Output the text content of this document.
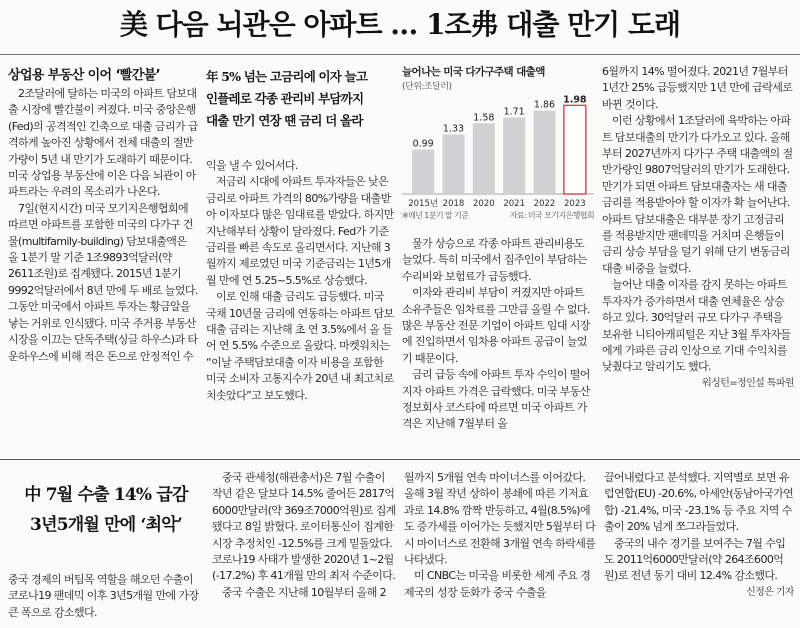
美 다음 뇌관은 아파트 … 1조弗 대출 만기 도래
상업용 부동산 이어 ‘빨간불’

2조달러에 달하는 미국의 아파트 담보대출 시장에 빨간불이 켜졌다. 미국 중앙은행(Fed)의 공격적인 긴축으로 대출 금리가 급격하게 높아진 상황에서 전체 대출의 절반가량이 5년 내 만기가 도래하기 때문이다. 미국 상업용 부동산에 이은 다음 뇌관이 아파트라는 우려의 목소리가 나온다.

7일(현지시간) 미국 모기지은행협회에 따르면 아파트를 포함한 미국의 다가구 건물(multifamily-building) 담보대출액은 올 1분기 말 기준 1조9893억달러(약 2611조원)로 집계됐다. 2015년 1분기 9992억달러에서 8년 만에 두 배로 늘었다. 그동안 미국에서 아파트 투자는 황금알을 낳는 거위로 인식됐다. 미국 주거용 부동산 시장을 이끄는 단독주택(싱글 하우스)과 타운하우스에 비해 적은 돈으로 안정적인 수

年 5% 넘는 고금리에 이자 늘고
인플레로 각종 관리비 부담까지
대출 만기 연장 땐 금리 더 올라

익을 낼 수 있어서다.

저금리 시대에 아파트 투자자들은 낮은 금리로 아파트 가격의 80%가량을 대출받아 이자보다 많은 임대료를 받았다. 하지만 지난해부터 상황이 달라졌다. Fed가 기준금리를 빠른 속도로 올리면서다. 지난해 3월까지 제로였던 미국 기준금리는 1년5개월 만에 연 5.25~5.5%로 상승했다.

이로 인해 대출 금리도 급등했다. 미국 국채 10년물 금리에 연동하는 아파트 담보대출 금리는 지난해 초 연 3.5%에서 올 들어 연 5.5% 수준으로 올랐다. 마켓워치는 “이날 주택담보대출 이자 비용을 포함한 미국 소비자 고통지수가 20년 내 최고치로 치솟았다”고 보도했다.

늘어나는 미국 다가구주택 대출액
(단위:조달러)
0.99
2015년
1.33
2018
1.58
2020
1.71
2021
1.86
2022
1.98
2023
※매년 1분기 말 기준	자료: 미국 모기지은행협회

물가 상승으로 각종 아파트 관리비용도 늘었다. 특히 미국에서 집주인이 부담하는 수리비와 보험료가 급등했다.

이자와 관리비 부담이 커졌지만 아파트 소유주들은 임차료를 그만큼 올릴 수 없다. 많은 부동산 전문 기업이 아파트 임대 시장에 진입하면서 임차용 아파트 공급이 늘었기 때문이다.

금리 급등 속에 아파트 투자 수익이 떨어지자 아파트 가격은 급락했다. 미국 부동산 정보회사 코스타에 따르면 미국 아파트 가격은 지난해 7월부터 올

6월까지 14% 떨어졌다. 2021년 7월부터 1년간 25% 급등했지만 1년 만에 급락세로 바뀐 것이다.

이런 상황에서 1조달러에 육박하는 아파트 담보대출의 만기가 다가오고 있다. 올해부터 2027년까지 다가구 주택 대출액의 절반가량인 9807억달러의 만기가 도래한다. 만기가 되면 아파트 담보대출자는 새 대출금리를 적용받아야 할 이자가 확 늘어난다. 아파트 담보대출은 대부분 장기 고정금리를 적용받지만 팬데믹을 거치며 은행들이 금리 상승 부담을 덜기 위해 단기 변동금리 대출 비중을 늘렸다.

늘어난 대출 이자를 감지 못하는 아파트 투자자가 증가하면서 대출 연체율은 상승하고 있다. 30억달러 규모 다가구 주택을 보유한 니티아캐피털은 지난 3월 투자자들에게 가파른 금리 인상으로 기대 수익치를 낮췄다고 알리기도 했다.

워싱턴=정인설 특파원
中 7월 수출 14% 급감
3년5개월 만에 ‘최악’

중국 경제의 버팀목 역할을 해오던 수출이 코로나19 팬데믹 이후 3년5개월 만에 가장 큰 폭으로 감소했다.

중국 관세청(해관총서)은 7월 수출이 작년 같은 달보다 14.5% 줄어든 2817억6000만달러(약 369조7000억원)로 집계됐다고 8일 밝혔다. 로이터통신이 집계한 시장 추정치인 -12.5%를 크게 밑돌았다. 코로나19 사태가 발생한 2020년 1~2월(-17.2%) 후 41개월 만의 최저 수준이다.

중국 수출은 지난해 10월부터 올해 2

월까지 5개월 연속 마이너스를 이어갔다. 올해 3월 작년 상하이 봉쇄에 따른 기저효과로 14.8% 깜짝 반등하고, 4월(8.5%)에도 증가세를 이어가는 듯했지만 5월부터 다시 마이너스로 전환해 3개월 연속 하락세를 나타냈다.

미 CNBC는 미국을 비롯한 세계 주요 경제국의 성장 둔화가 중국 수출을

끌어내렸다고 분석했다. 지역별로 보면 유럽연합(EU) -20.6%, 아세안(동남아국가연합) -21.4%, 미국 -23.1% 등 주요 지역 수출이 20% 넘게 쪼그라들었다.

중국의 내수 경기를 보여주는 7월 수입도 2011억6000만달러(약 264조600억원)로 전년 동기 대비 12.4% 감소했다.

신정은 기자
